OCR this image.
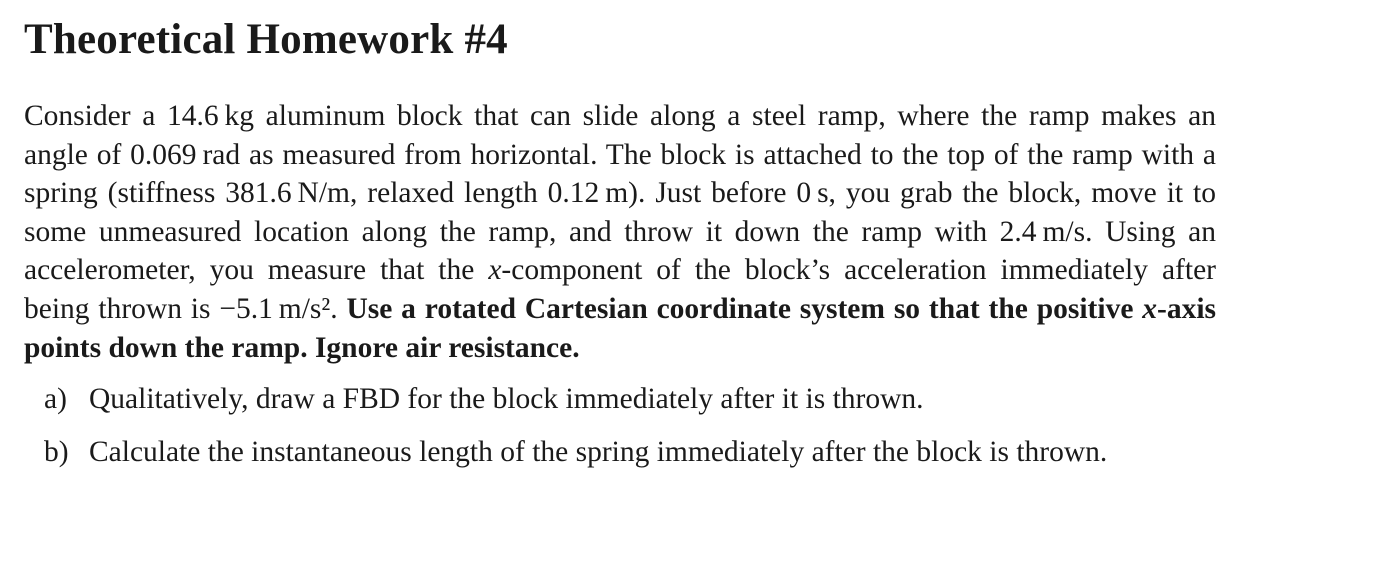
Theoretical Homework #4

Consider a 14.6 kg aluminum block that can slide along a steel ramp, where the ramp makes an angle of 0.069 rad as measured from horizontal. The block is attached to the top of the ramp with a spring (stiffness 381.6 N/m, relaxed length 0.12 m). Just before 0 s, you grab the block, move it to some unmeasured location along the ramp, and throw it down the ramp with 2.4 m/s. Using an accelerometer, you measure that the x-component of the block’s acceleration immediately after being thrown is −5.1 m/s². Use a rotated Cartesian coordinate system so that the positive x-axis points down the ramp. Ignore air resistance.

a) Qualitatively, draw a FBD for the block immediately after it is thrown.
b) Calculate the instantaneous length of the spring immediately after the block is thrown.
